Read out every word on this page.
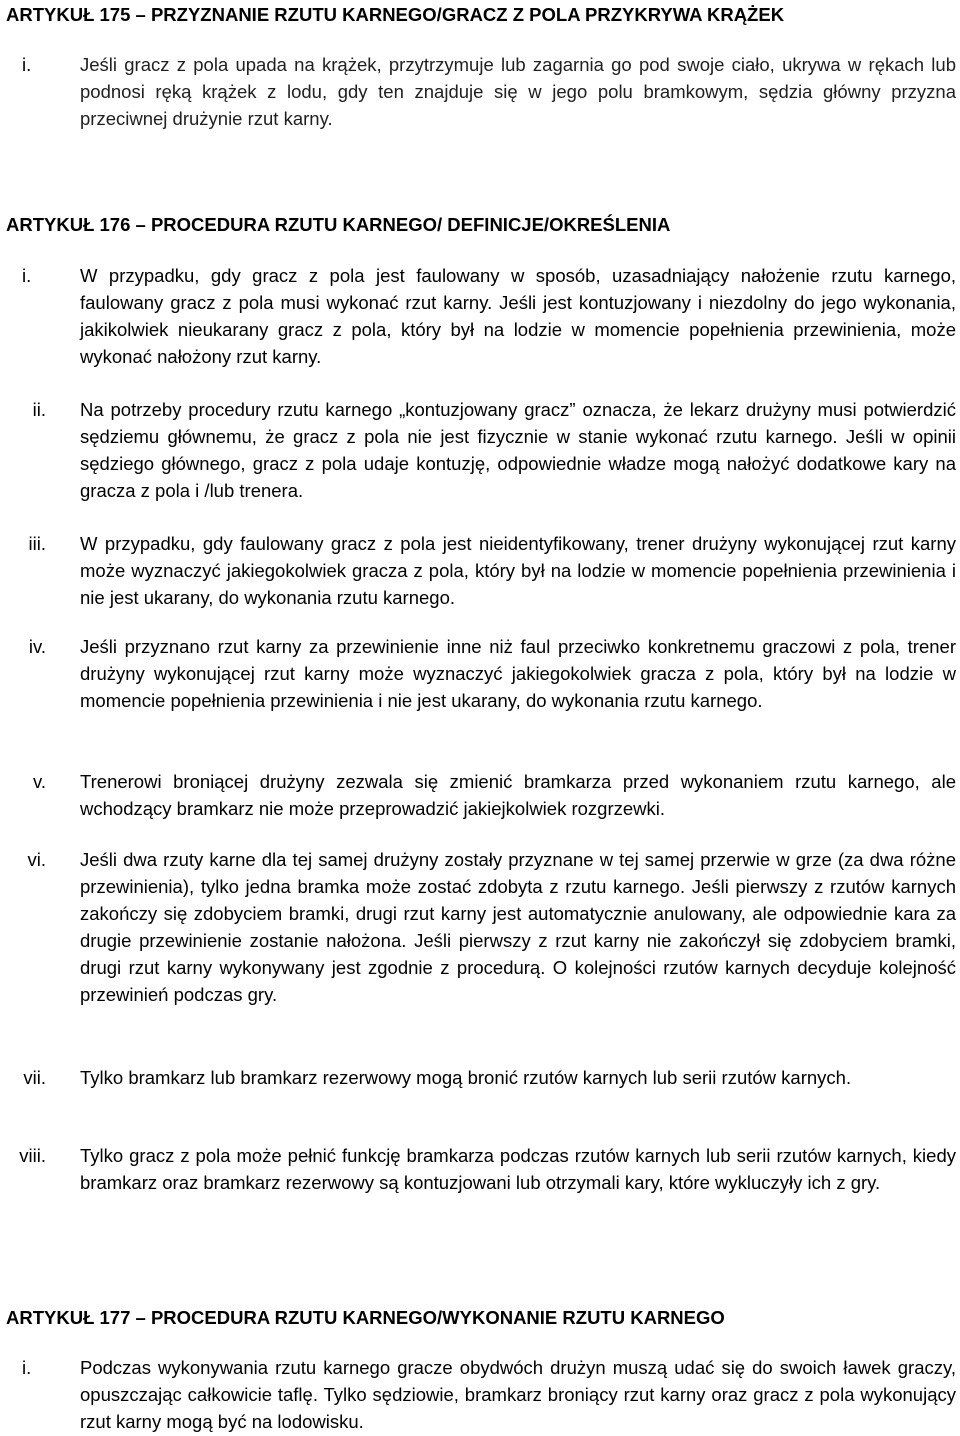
ARTYKUŁ 175 – PRZYZNANIE RZUTU KARNEGO/GRACZ Z POLA PRZYKRYWA KRĄŻEK
i.	Jeśli gracz z pola upada na krążek, przytrzymuje lub zagarnia go pod swoje ciało, ukrywa w rękach lub podnosi ręką krążek z lodu, gdy ten znajduje się w jego polu bramkowym, sędzia główny przyzna przeciwnej drużynie rzut karny.
ARTYKUŁ 176 – PROCEDURA RZUTU KARNEGO/ DEFINICJE/OKREŚLENIA
i.	W przypadku, gdy gracz z pola jest faulowany w sposób, uzasadniający nałożenie rzutu karnego, faulowany gracz z pola musi wykonać rzut karny. Jeśli jest kontuzjowany i niezdolny do jego wykonania, jakikolwiek nieukarany gracz z pola, który był na lodzie w momencie popełnienia przewinienia, może wykonać nałożony rzut karny.
ii. Na potrzeby procedury rzutu karnego „kontuzjowany gracz” oznacza, że lekarz drużyny musi potwierdzić sędziemu głównemu, że gracz z pola nie jest fizycznie w stanie wykonać rzutu karnego. Jeśli w opinii sędziego głównego, gracz z pola udaje kontuzję, odpowiednie władze mogą nałożyć dodatkowe kary na gracza z pola i /lub trenera.
iii. W przypadku, gdy faulowany gracz z pola jest nieidentyfikowany, trener drużyny wykonującej rzut karny może wyznaczyć jakiegokolwiek gracza z pola, który był na lodzie w momencie popełnienia przewinienia i nie jest ukarany, do wykonania rzutu karnego.
iv. Jeśli przyznano rzut karny za przewinienie inne niż faul przeciwko konkretnemu graczowi z pola, trener drużyny wykonującej rzut karny może wyznaczyć jakiegokolwiek gracza z pola, który był na lodzie w momencie popełnienia przewinienia i nie jest ukarany, do wykonania rzutu karnego.
v. Trenerowi broniącej drużyny zezwala się zmienić bramkarza przed wykonaniem rzutu karnego, ale wchodzący bramkarz nie może przeprowadzić jakiejkolwiek rozgrzewki.
vi. Jeśli dwa rzuty karne dla tej samej drużyny zostały przyznane w tej samej przerwie w grze (za dwa różne przewinienia), tylko jedna bramka może zostać zdobyta z rzutu karnego. Jeśli pierwszy z rzutów karnych zakończy się zdobyciem bramki, drugi rzut karny jest automatycznie anulowany, ale odpowiednie kara za drugie przewinienie zostanie nałożona. Jeśli pierwszy z rzut karny nie zakończył się zdobyciem bramki, drugi rzut karny wykonywany jest zgodnie z procedurą. O kolejności rzutów karnych decyduje kolejność przewinień podczas gry.
vii. Tylko bramkarz lub bramkarz rezerwowy mogą bronić rzutów karnych lub serii rzutów karnych.
viii. Tylko gracz z pola może pełnić funkcję bramkarza podczas rzutów karnych lub serii rzutów karnych, kiedy bramkarz oraz bramkarz rezerwowy są kontuzjowani lub otrzymali kary, które wykluczyły ich z gry.
ARTYKUŁ 177 – PROCEDURA RZUTU KARNEGO/WYKONANIE RZUTU KARNEGO
i.	Podczas wykonywania rzutu karnego gracze obydwóch drużyn muszą udać się do swoich ławek graczy, opuszczając całkowicie taflę. Tylko sędziowie, bramkarz broniący rzut karny oraz gracz z pola wykonujący rzut karny mogą być na lodowisku.
